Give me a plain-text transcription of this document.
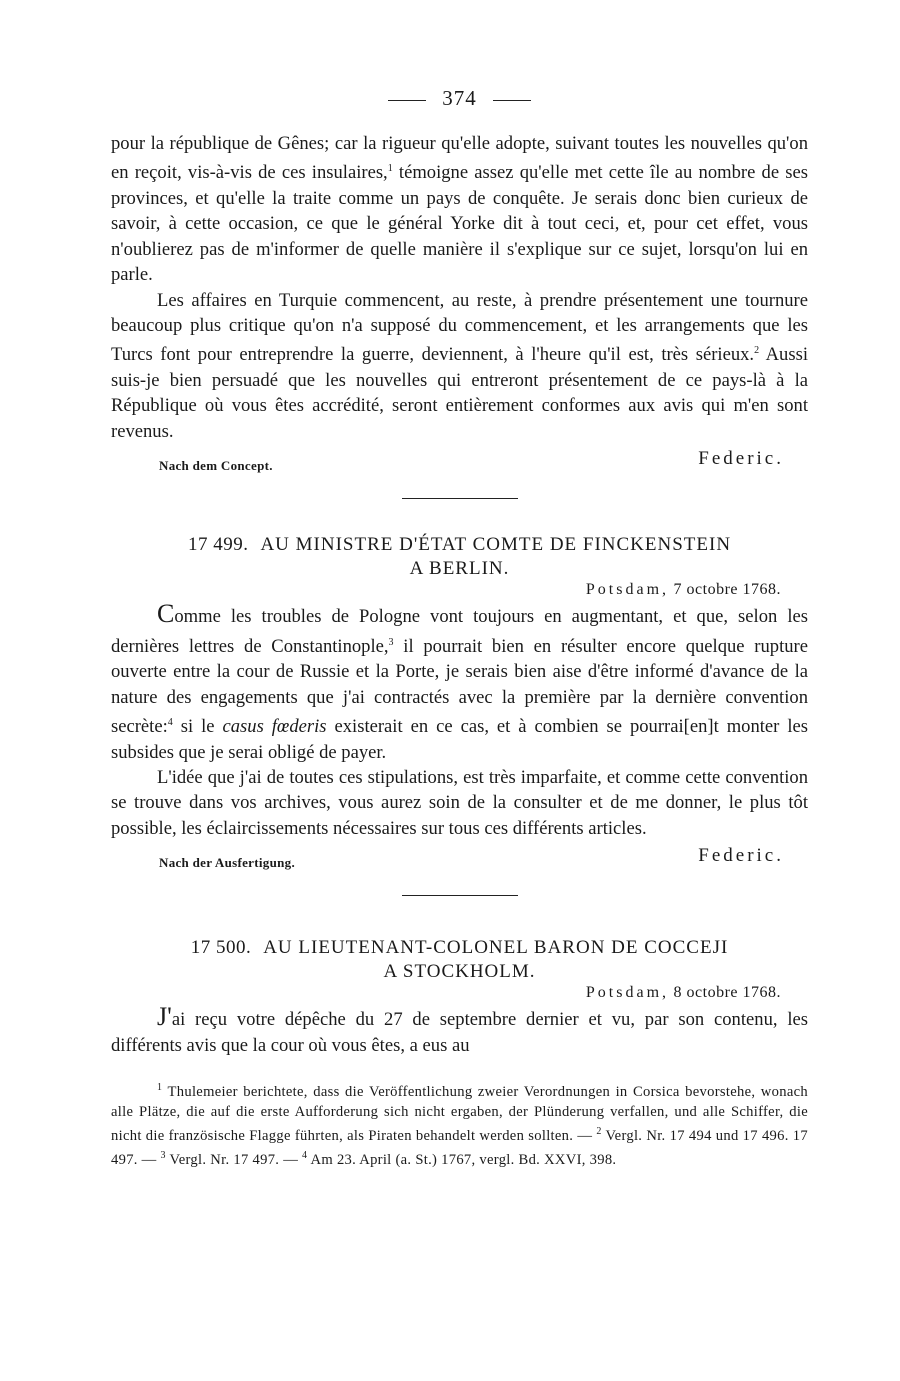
374

pour la république de Gênes; car la rigueur qu'elle adopte, suivant toutes les nouvelles qu'on en reçoit, vis-à-vis de ces insulaires,$^1$ témoigne assez qu'elle met cette île au nombre de ses provinces, et qu'elle la traite comme un pays de conquête. Je serais donc bien curieux de savoir, à cette occasion, ce que le général Yorke dit à tout ceci, et, pour cet effet, vous n'oublierez pas de m'informer de quelle manière il s'explique sur ce sujet, lorsqu'on lui en parle.

Les affaires en Turquie commencent, au reste, à prendre présentement une tournure beaucoup plus critique qu'on n'a supposé du commencement, et les arrangements que les Turcs font pour entreprendre la guerre, deviennent, à l'heure qu'il est, très sérieux.$^2$ Aussi suis-je bien persuadé que les nouvelles qui entreront présentement de ce pays-là à la République où vous êtes accrédité, seront entièrement conformes aux avis qui m'en sont revenus.

Nach dem Concept.	Federic.
17 499. AU MINISTRE D'ÉTAT COMTE DE FINCKENSTEIN
A BERLIN.
Potsdam, 7 octobre 1768.

Comme les troubles de Pologne vont toujours en augmentant, et que, selon les dernières lettres de Constantinople,$^3$ il pourrait bien en résulter encore quelque rupture ouverte entre la cour de Russie et la Porte, je serais bien aise d'être informé d'avance de la nature des engagements que j'ai contractés avec la première par la dernière convention secrète:$^4$ si le casus fœderis existerait en ce cas, et à combien se pourrai[en]t monter les subsides que je serai obligé de payer.

L'idée que j'ai de toutes ces stipulations, est très imparfaite, et comme cette convention se trouve dans vos archives, vous aurez soin de la consulter et de me donner, le plus tôt possible, les éclaircissements nécessaires sur tous ces différents articles.

Nach der Ausfertigung.	Federic.
17 500. AU LIEUTENANT-COLONEL BARON DE COCCEJI
A STOCKHOLM.
Potsdam, 8 octobre 1768.

J'ai reçu votre dépêche du 27 de septembre dernier et vu, par son contenu, les différents avis que la cour où vous êtes, a eus au

$^1$ Thulemeier berichtete, dass die Veröffentlichung zweier Verordnungen in Corsica bevorstehe, wonach alle Plätze, die auf die erste Aufforderung sich nicht ergaben, der Plünderung verfallen, und alle Schiffer, die nicht die französische Flagge führten, als Piraten behandelt werden sollten. — $^2$ Vergl. Nr. 17 494 und 17 496. 17 497. — $^3$ Vergl. Nr. 17 497. — $^4$ Am 23. April (a. St.) 1767, vergl. Bd. XXVI, 398.
